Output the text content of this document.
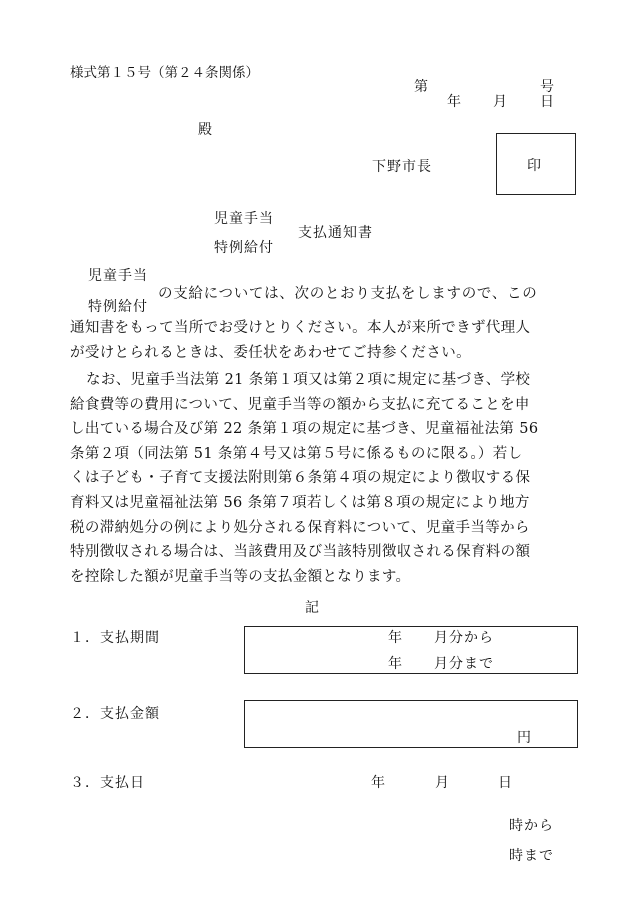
様式第１５号（第２４条関係）
第	号
年 月 日
殿
下野市長	印
児童手当
支払通知書
特例給付
児童手当
の支給については、次のとおり支払をしますので、この
特例給付
通知書をもって当所でお受けとりください。本人が来所できず代理人
が受けとられるときは、委任状をあわせてご持参ください。
なお、児童手当法第 21 条第１項又は第２項に規定に基づき、学校
給食費等の費用について、児童手当等の額から支払に充てることを申
し出ている場合及び第 22 条第１項の規定に基づき、児童福祉法第 56
条第２項（同法第 51 条第４号又は第５号に係るものに限る。）若し
くは子ども・子育て支援法附則第６条第４項の規定により徴収する保
育料又は児童福祉法第 56 条第７項若しくは第８項の規定により地方
税の滞納処分の例により処分される保育料について、児童手当等から
特別徴収される場合は、当該費用及び当該特別徴収される保育料の額
を控除した額が児童手当等の支払金額となります。
記
１．支払期間	年 月分から
年 月分まで
２．支払金額
円
３．支払日	年	月	日
時から
時まで
